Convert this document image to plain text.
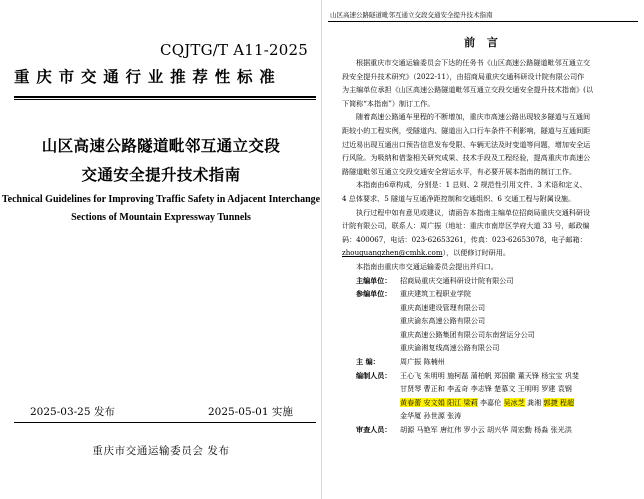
CQJTG/T A11-2025
重庆市交通行业推荐性标准
山区高速公路隧道毗邻互通立交段
交通安全提升技术指南
Technical Guidelines for Improving Traffic Safety in Adjacent Interchange
Sections of Mountain Expressway Tunnels
2025-03-25 发布	2025-05-01 实施
重庆市交通运输委员会 发布
山区高速公路隧道毗邻互通立交段交通安全提升技术指南
前 言
根据重庆市交通运输委员会下达的任务书《山区高速公路隧道毗邻互通立交
段安全提升技术研究》（2022-11），由招商局重庆交通科研设计院有限公司作
为主编单位承担《山区高速公路隧道毗邻互通立交段交通安全提升技术指南》(以
下简称“本指南”）制订工作。
随着高速公路通车里程的不断增加，重庆市高速公路出现较多隧道与互通间
距较小的工程实例，受隧道内、隧道出入口行车条件不利影响，隧道与互通间距
过近易出现互通出口预告信息发布受限、车辆无法及时变道等问题，增加安全运
行风险。为吸纳和借鉴相关研究成果、技术手段及工程经验，提高重庆市高速公
路隧道毗邻互通立交段交通安全营运水平，有必要开展本指南的制订工作。
本指南由6章构成，分别是：1 总则、2 规范性引用文件、3 术语和定义、
4 总体要求、5 隧道与互通净距控制和交通组织、6 交通工程与附属设施。
执行过程中如有意见或建议，请函告本指南主编单位招商局重庆交通科研设
计院有限公司，联系人：周广振（地址：重庆市南岸区学府大道 33 号，邮政编
码：400067，电话：023-62653261，传真：023-62653078，电子邮箱：
zhouguangzhen@cmhk.com），以便修订时研用。
本指南由重庆市交通运输委员会提出并归口。
主编单位： 招商局重庆交通科研设计院有限公司
参编单位： 重庆建筑工程职业学院
重庆高速建设管理有限公司
重庆渝东高速公路有限公司
重庆高速公路集团有限公司东南营运分公司
重庆渝湘复线高速公路有限公司
主 编：	周广振 陈楠州
编制人员： 王心飞 朱明明 施柯磊 蒲柏帆 郑国徽 董天锋 杨宝宝 巩斐
甘贤琴 曹正和 李孟奇 李志锋 楚慕文 王明明 罗建 袁钢
黄春蕾 安文娟 阳江 梁莉 李嘉伦 吴冰芝 龚湘 郭捷 程超
金华厦 孙世源 张涛
审查人员： 胡源 马艳军 唐红伟 罗小云 胡兴华 周宏勤 杨淼 张光洪
